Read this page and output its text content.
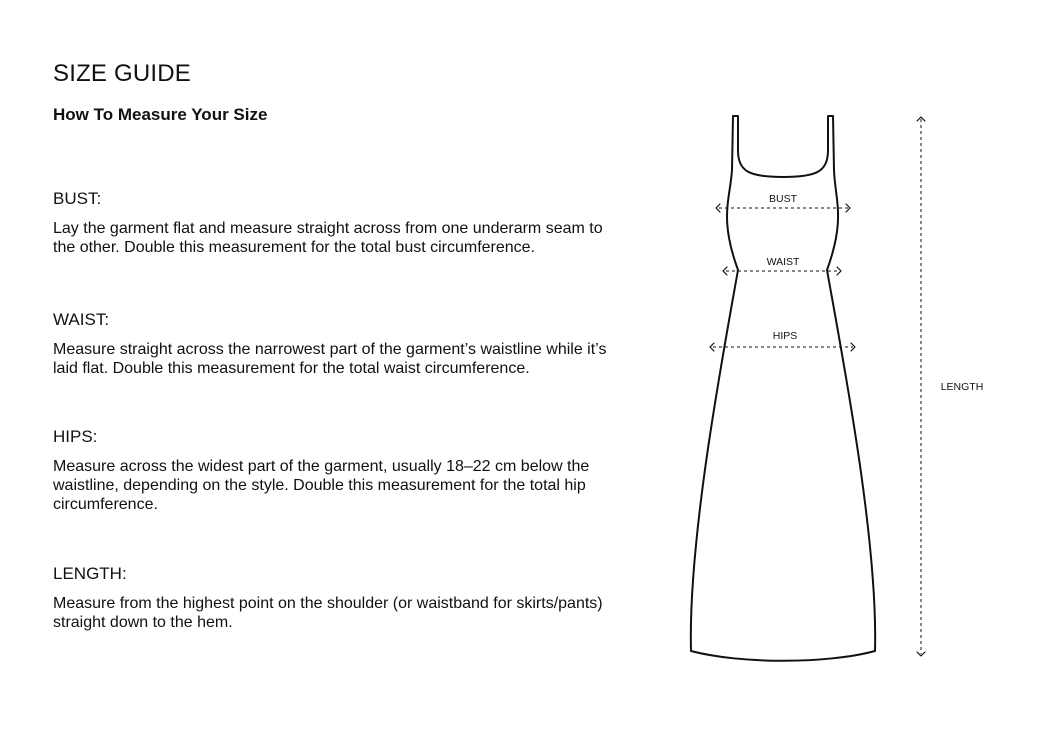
SIZE GUIDE
How To Measure Your Size
BUST:

Lay the garment flat and measure straight across from one underarm seam to the other. Double this measurement for the total bust circumference.

WAIST:

Measure straight across the narrowest part of the garment’s waistline while it’s laid flat. Double this measurement for the total waist circumference.

HIPS:

Measure across the widest part of the garment, usually 18–22 cm below the waistline, depending on the style. Double this measurement for the total hip circumference.

LENGTH:

Measure from the highest point on the shoulder (or waistband for skirts/pants) straight down to the hem.

BUST
WAIST
HIPS
LENGTH
